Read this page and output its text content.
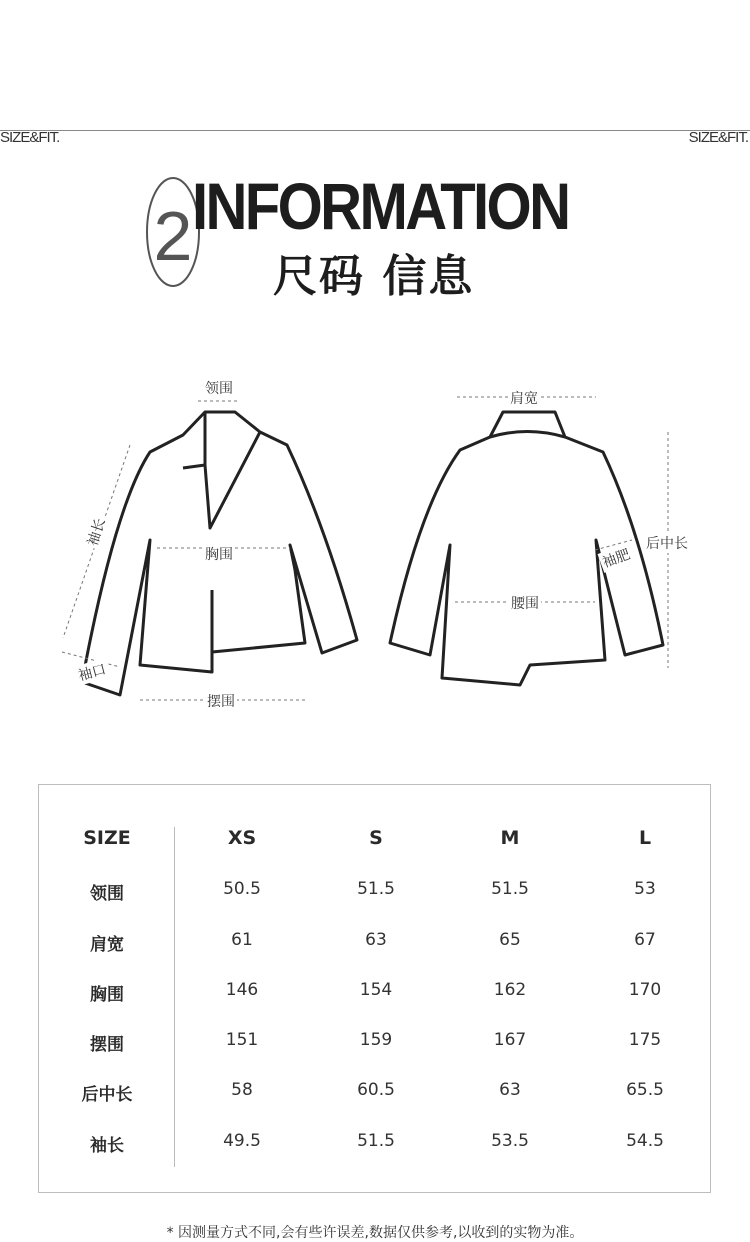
SIZE&FIT.	SIZE&FIT.
2 INFORMATION
尺码 信息
领围
袖长
胸围
袖口
摆围
肩宽
后中长
袖肥
腰围
SIZE	XS	S	M	L
领围	50.5	51.5	51.5	53
肩宽	61	63	65	67
胸围	146	154	162	170
摆围	151	159	167	175
后中长	58	60.5	63	65.5
袖长	49.5	51.5	53.5	54.5
* 因测量方式不同,会有些许误差,数据仅供参考,以收到的实物为准。
